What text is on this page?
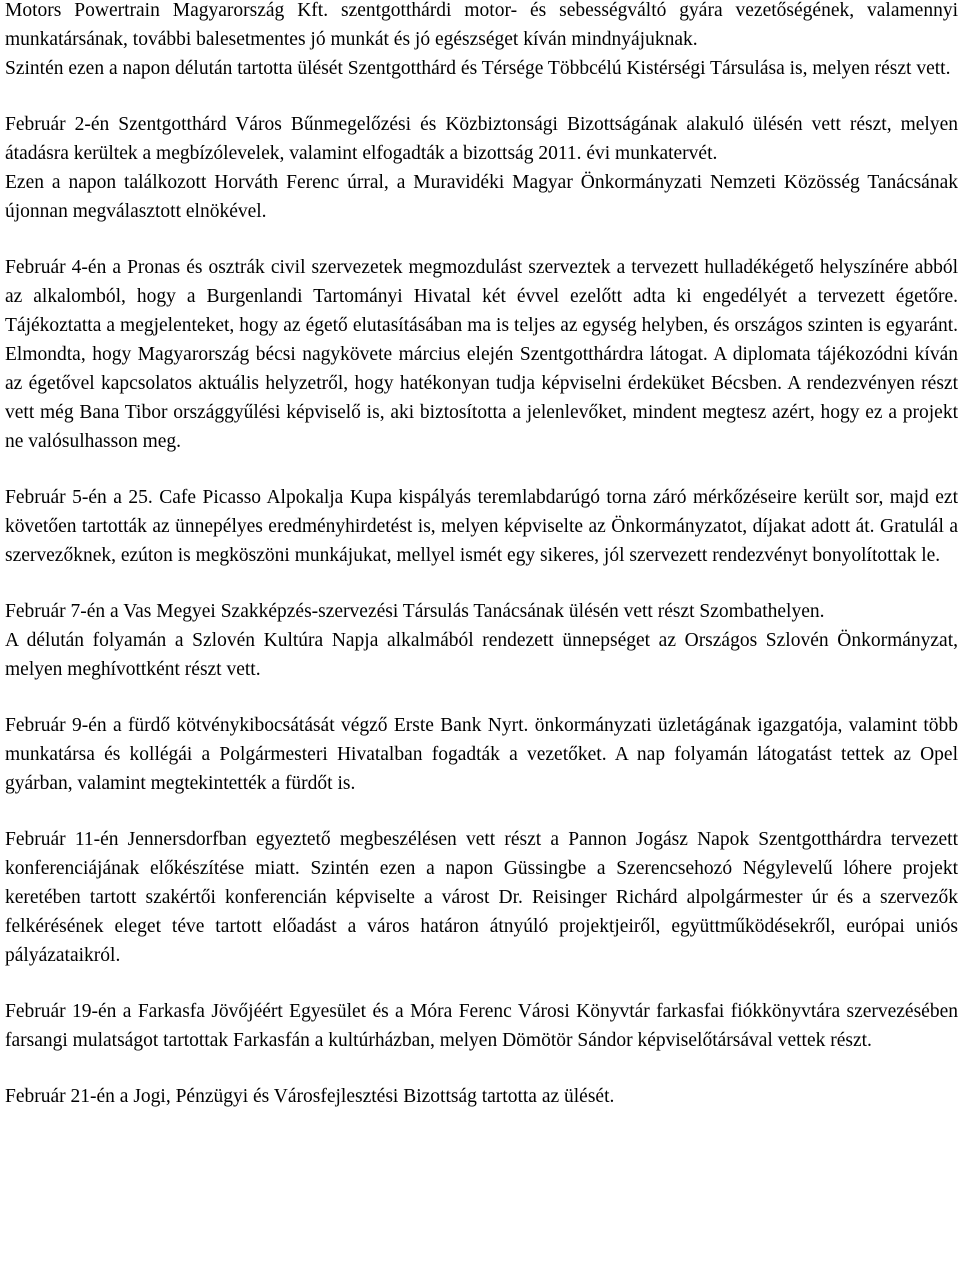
Motors Powertrain Magyarország Kft. szentgotthárdi motor- és sebességváltó gyára vezetőségének, valamennyi munkatársának, további balesetmentes jó munkát és jó egészséget kíván mindnyájuknak.

Szintén ezen a napon délután tartotta ülését Szentgotthárd és Térsége Többcélú Kistérségi Társulása is, melyen részt vett.

Február 2-én Szentgotthárd Város Bűnmegelőzési és Közbiztonsági Bizottságának alakuló ülésén vett részt, melyen átadásra kerültek a megbízólevelek, valamint elfogadták a bizottság 2011. évi munkatervét.

Ezen a napon találkozott Horváth Ferenc úrral, a Muravidéki Magyar Önkormányzati Nemzeti Közösség Tanácsának újonnan megválasztott elnökével.

Február 4-én a Pronas és osztrák civil szervezetek megmozdulást szerveztek a tervezett hulladékégető helyszínére abból az alkalomból, hogy a Burgenlandi Tartományi Hivatal két évvel ezelőtt adta ki engedélyét a tervezett égetőre. Tájékoztatta a megjelenteket, hogy az égető elutasításában ma is teljes az egység helyben, és országos szinten is egyaránt. Elmondta, hogy Magyarország bécsi nagykövete március elején Szentgotthárdra látogat. A diplomata tájékozódni kíván az égetővel kapcsolatos aktuális helyzetről, hogy hatékonyan tudja képviselni érdeküket Bécsben. A rendezvényen részt vett még Bana Tibor országgyűlési képviselő is, aki biztosította a jelenlevőket, mindent megtesz azért, hogy ez a projekt ne valósulhasson meg.

Február 5-én a 25. Cafe Picasso Alpokalja Kupa kispályás teremlabdarúgó torna záró mérkőzéseire került sor, majd ezt követően tartották az ünnepélyes eredményhirdetést is, melyen képviselte az Önkormányzatot, díjakat adott át. Gratulál a szervezőknek, ezúton is megköszöni munkájukat, mellyel ismét egy sikeres, jól szervezett rendezvényt bonyolítottak le.

Február 7-én a Vas Megyei Szakképzés-szervezési Társulás Tanácsának ülésén vett részt Szombathelyen.

A délután folyamán a Szlovén Kultúra Napja alkalmából rendezett ünnepséget az Országos Szlovén Önkormányzat, melyen meghívottként részt vett.

Február 9-én a fürdő kötvénykibocsátását végző Erste Bank Nyrt. önkormányzati üzletágának igazgatója, valamint több munkatársa és kollégái a Polgármesteri Hivatalban fogadták a vezetőket. A nap folyamán látogatást tettek az Opel gyárban, valamint megtekintették a fürdőt is.

Február 11-én Jennersdorfban egyeztető megbeszélésen vett részt a Pannon Jogász Napok Szentgotthárdra tervezett konferenciájának előkészítése miatt. Szintén ezen a napon Güssingbe a Szerencsehozó Négylevelű lóhere projekt keretében tartott szakértői konferencián képviselte a várost Dr. Reisinger Richárd alpolgármester úr és a szervezők felkérésének eleget téve tartott előadást a város határon átnyúló projektjeiről, együttműködésekről, európai uniós pályázataikról.

Február 19-én a Farkasfa Jövőjéért Egyesület és a Móra Ferenc Városi Könyvtár farkasfai fiókkönyvtára szervezésében farsangi mulatságot tartottak Farkasfán a kultúrházban, melyen Dömötör Sándor képviselőtársával vettek részt.

Február 21-én a Jogi, Pénzügyi és Városfejlesztési Bizottság tartotta az ülését.
